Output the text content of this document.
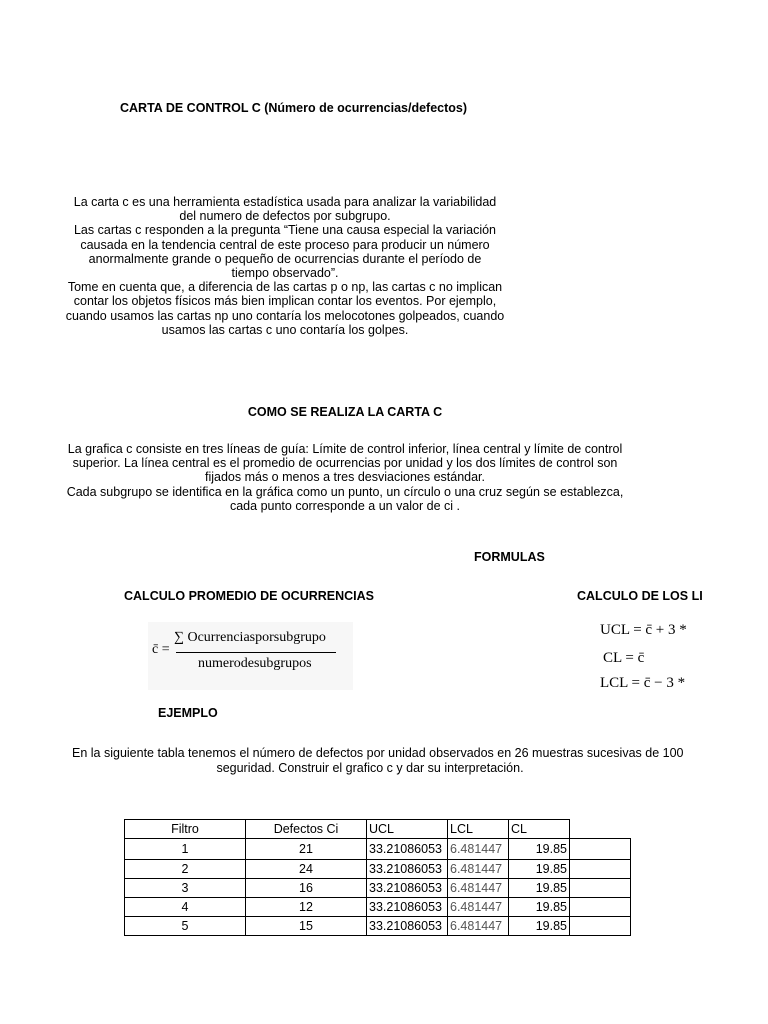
CARTA DE CONTROL C (Número de ocurrencias/defectos)
La carta c es una herramienta estadística usada para analizar la variabilidad
del numero de defectos por subgrupo.
Las cartas c responden a la pregunta “Tiene una causa especial la variación
causada en la tendencia central de este proceso para producir un número
anormalmente grande o pequeño de ocurrencias durante el período de
tiempo observado”.
Tome en cuenta que, a diferencia de las cartas p o np, las cartas c no implican
contar los objetos físicos más bien implican contar los eventos. Por ejemplo,
cuando usamos las cartas np uno contaría los melocotones golpeados, cuando
usamos las cartas c uno contaría los golpes.
COMO SE REALIZA LA CARTA C
La grafica c consiste en tres líneas de guía: Límite de control inferior, línea central y límite de control
superior. La línea central es el promedio de ocurrencias por unidad y los dos límites de control son
fijados más o menos a tres desviaciones estándar.
Cada subgrupo se identifica en la gráfica como un punto, un círculo o una cruz según se establezca,
cada punto corresponde a un valor de ci .
FORMULAS
CALCULO PROMEDIO DE OCURRENCIAS	CALCULO DE LOS LI
c̄ =
∑ Ocurrenciasporsubgrupo
numerodesubgrupos
UCL = c̄ + 3 *
CL = c̄
LCL = c̄ − 3 *
EJEMPLO
En la siguiente tabla tenemos el número de defectos por unidad observados en 26 muestras sucesivas de 100
seguridad. Construir el grafico c y dar su interpretación.
Filtro	Defectos Ci	UCL	LCL	CL	
1	21	33.21086053	6.481447	19.85	
2	24	33.21086053	6.481447	19.85	
3	16	33.21086053	6.481447	19.85	
4	12	33.21086053	6.481447	19.85	
5	15	33.21086053	6.481447	19.85	
